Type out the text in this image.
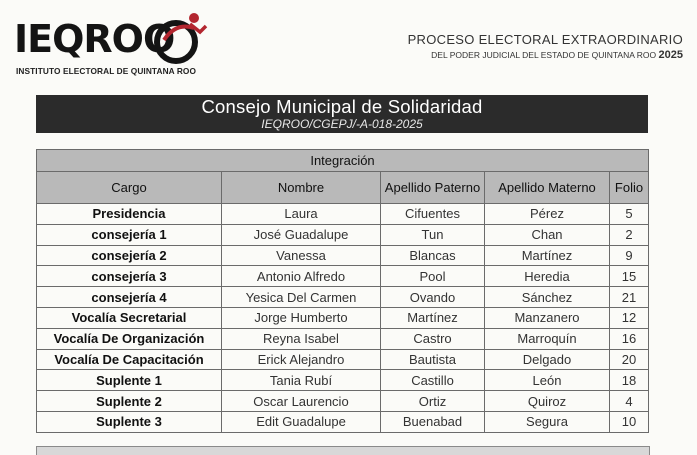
IEQROO
INSTITUTO ELECTORAL DE QUINTANA ROO
PROCESO ELECTORAL EXTRAORDINARIO
DEL PODER JUDICIAL DEL ESTADO DE QUINTANA ROO 2025
Consejo Municipal de Solidaridad
IEQROO/CGEPJ/-A-018-2025
Integración				
Cargo	Nombre	Apellido Paterno	Apellido Materno	Folio
Presidencia	Laura	Cifuentes	Pérez	5
consejería 1	José Guadalupe	Tun	Chan	2
consejería 2	Vanessa	Blancas	Martínez	9
consejería 3	Antonio Alfredo	Pool	Heredia	15
consejería 4	Yesica Del Carmen	Ovando	Sánchez	21
Vocalía Secretarial	Jorge Humberto	Martínez	Manzanero	12
Vocalía De Organización	Reyna Isabel	Castro	Marroquín	16
Vocalía De Capacitación	Erick Alejandro	Bautista	Delgado	20
Suplente 1	Tania Rubí	Castillo	León	18
Suplente 2	Oscar Laurencio	Ortiz	Quiroz	4
Suplente 3	Edit Guadalupe	Buenabad	Segura	10
